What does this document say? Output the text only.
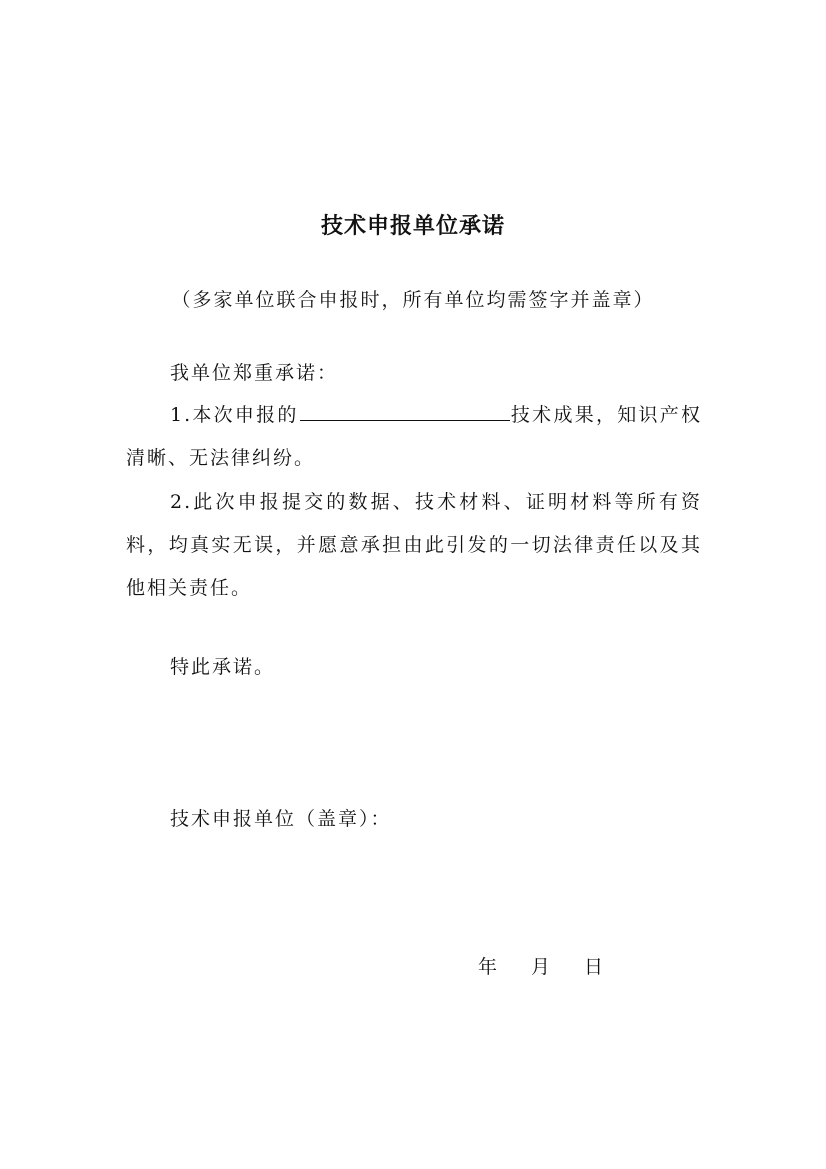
技术申报单位承诺
（多家单位联合申报时，所有单位均需签字并盖章）

我单位郑重承诺：

1.本次申报的	技术成果，知识产权清晰、无法律纠纷。

2.此次申报提交的数据、技术材料、证明材料等所有资料，均真实无误，并愿意承担由此引发的一切法律责任以及其他相关责任。

特此承诺。

技术申报单位（盖章）：

年 月 日
